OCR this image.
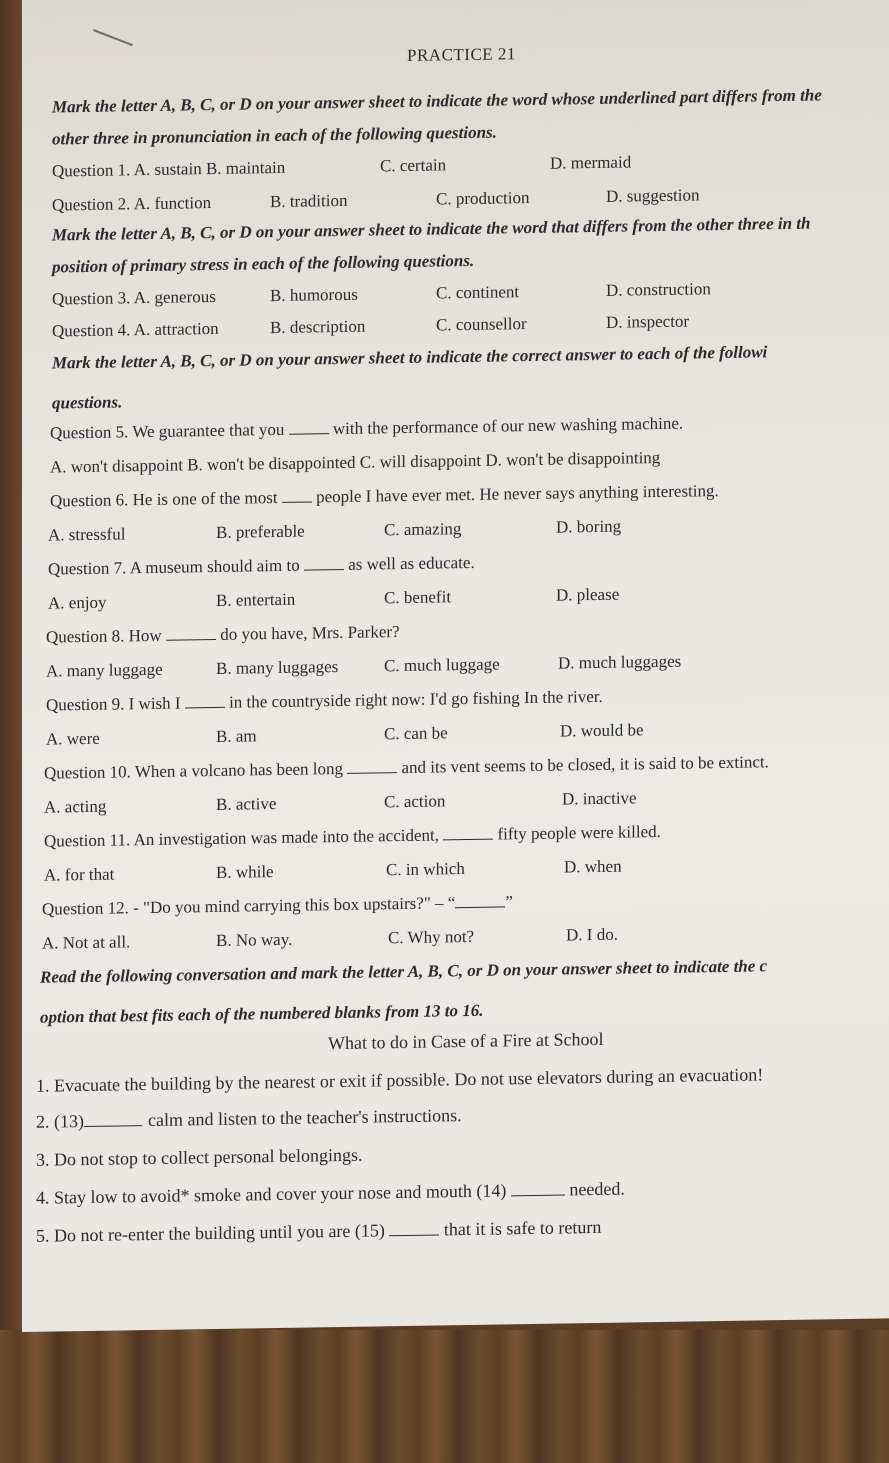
PRACTICE 21
Mark the letter A, B, C, or D on your answer sheet to indicate the word whose underlined part differs from the
other three in pronunciation in each of the following questions.
Question 1. A. sustain B. maintain	C. certain	D. mermaid
Question 2. A. function	B. tradition	C. production	D. suggestion
Mark the letter A, B, C, or D on your answer sheet to indicate the word that differs from the other three in th
position of primary stress in each of the following questions.
Question 3. A. generous	B. humorous	C. continent	D. construction
Question 4. A. attraction	B. description	C. counsellor	D. inspector
Mark the letter A, B, C, or D on your answer sheet to indicate the correct answer to each of the followi
questions.
Question 5. We guarantee that you	with the performance of our new washing machine.
A. won't disappoint B. won't be disappointed C. will disappoint D. won't be disappointing
Question 6. He is one of the most people I have ever met. He never says anything interesting.
A. stressful	B. preferable	C. amazing	D. boring
Question 7. A museum should aim to	as well as educate.
A. enjoy	B. entertain	C. benefit	D. please
Question 8. How	do you have, Mrs. Parker?
A. many luggage	B. many luggages	C. much luggage	D. much luggages
Question 9. I wish I	in the countryside right now: I'd go fishing In the river.
A. were	B. am	C. can be	D. would be
Question 10. When a volcano has been long	and its vent seems to be closed, it is said to be extinct.
A. acting	B. active	C. action	D. inactive
Question 11. An investigation was made into the accident,	fifty people were killed.
A. for that	B. while	C. in which	D. when
Question 12. - "Do you mind carrying this box upstairs?" – “	”
A. Not at all.	B. No way.	C. Why not?	D. I do.
Read the following conversation and mark the letter A, B, C, or D on your answer sheet to indicate the c
option that best fits each of the numbered blanks from 13 to 16.
What to do in Case of a Fire at School
1. Evacuate the building by the nearest or exit if possible. Do not use elevators during an evacuation!
2. (13)	calm and listen to the teacher's instructions.
3. Do not stop to collect personal belongings.
4. Stay low to avoid* smoke and cover your nose and mouth (14)	needed.
5. Do not re-enter the building until you are (15)	that it is safe to return
